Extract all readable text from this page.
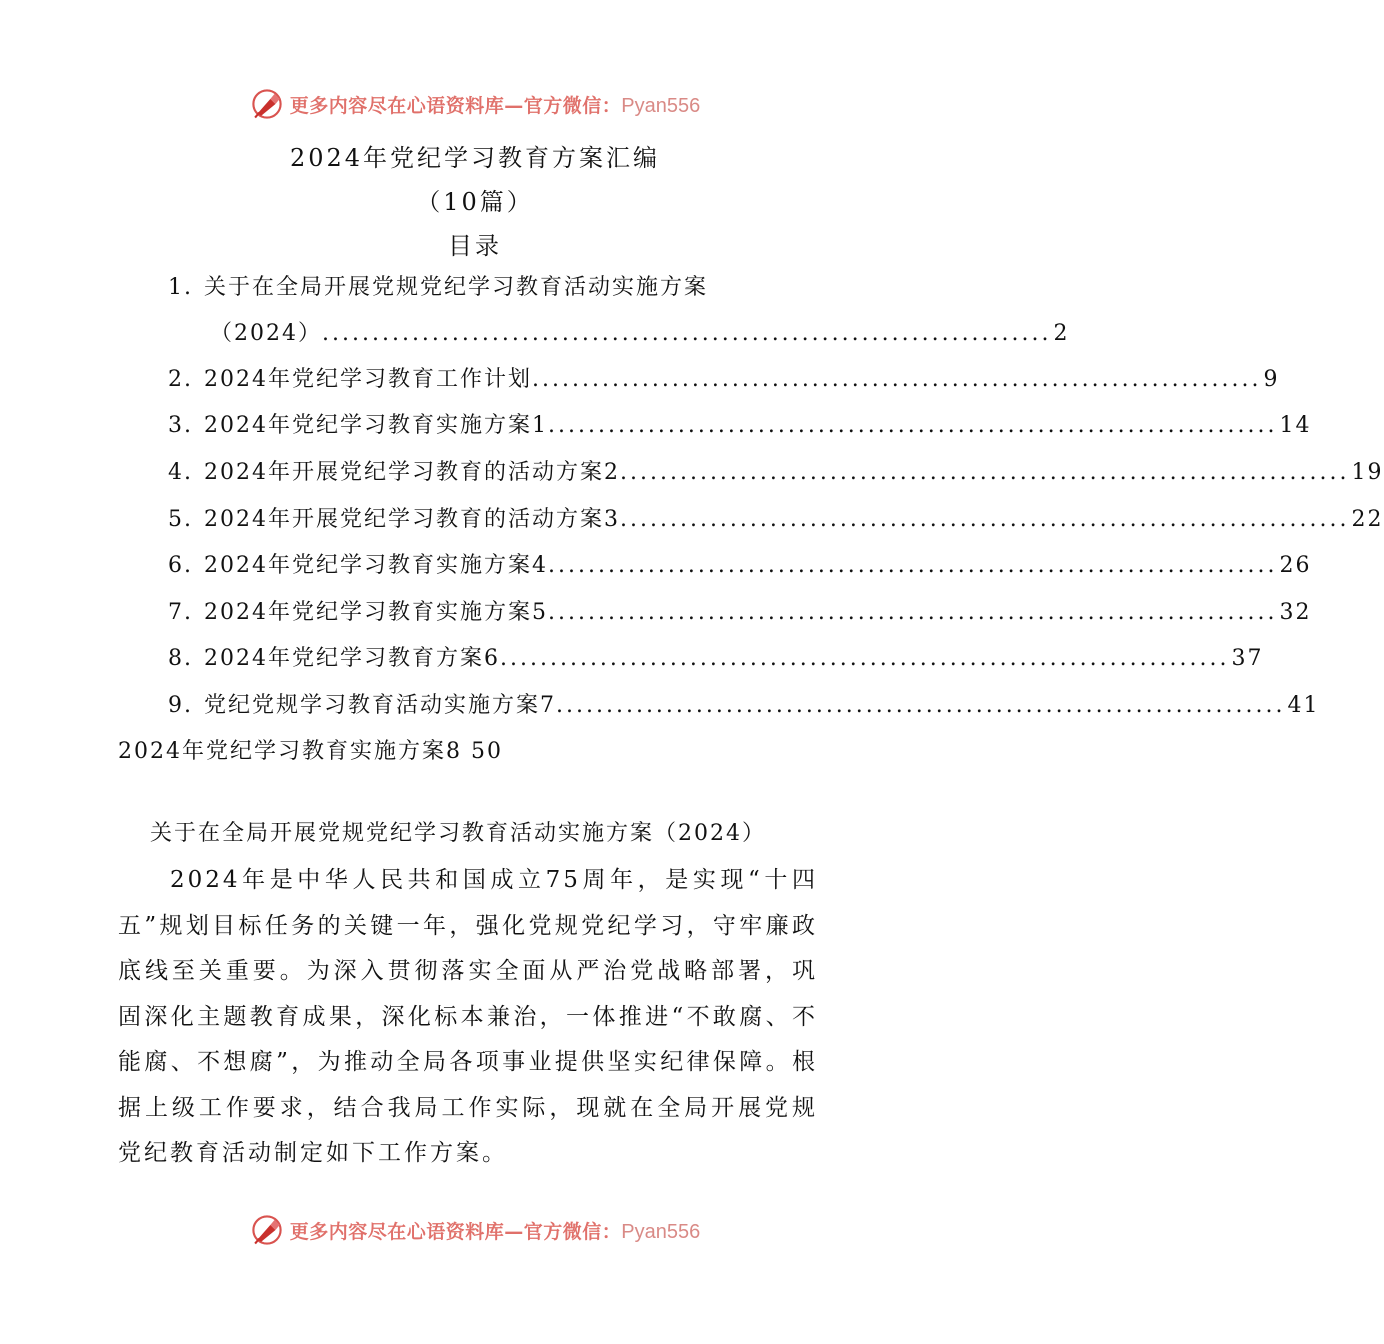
更多内容尽在心语资料库—官方微信：Pyan556
2024年党纪学习教育方案汇编
（10篇）
目录
1. 关于在全局开展党规党纪学习教育活动实施方案
（2024） ......................................................................... 2
2. 2024年党纪学习教育工作计划 ......................................................................... 9
3. 2024年党纪学习教育实施方案1 ......................................................................... 14
4. 2024年开展党纪学习教育的活动方案2 ......................................................................... 19
5. 2024年开展党纪学习教育的活动方案3 ......................................................................... 22
6. 2024年党纪学习教育实施方案4 ......................................................................... 26
7. 2024年党纪学习教育实施方案5 ......................................................................... 32
8. 2024年党纪学习教育方案6 ......................................................................... 37
9. 党纪党规学习教育活动实施方案7 ......................................................................... 41
2024年党纪学习教育实施方案8 50
关于在全局开展党规党纪学习教育活动实施方案（2024）

2024年是中华人民共和国成立75周年，是实现“十四五”规划目标任务的关键一年，强化党规党纪学习，守牢廉政底线至关重要。为深入贯彻落实全面从严治党战略部署，巩固深化主题教育成果，深化标本兼治，一体推进“不敢腐、不能腐、不想腐”，为推动全局各项事业提供坚实纪律保障。根据上级工作要求，结合我局工作实际，现就在全局开展党规党纪教育活动制定如下工作方案。

更多内容尽在心语资料库—官方微信：Pyan556
